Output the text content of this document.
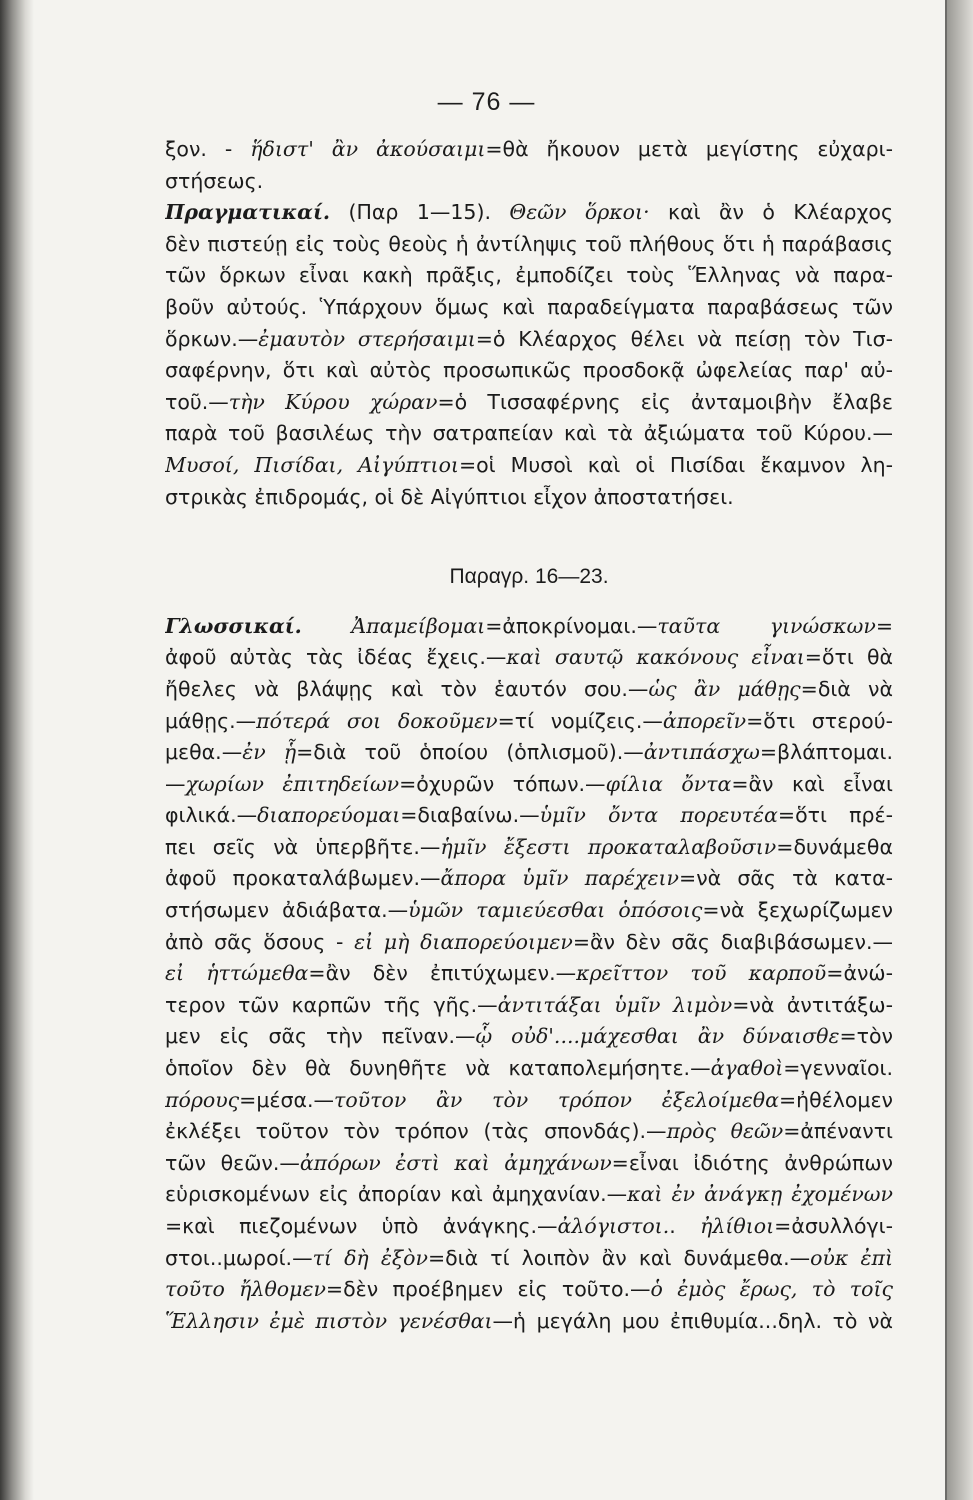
— 76 —
ξον. - ἥδιστ' ἂν ἀκούσαιμι=θὰ ἤκουον μετὰ μεγίστης εὐχαρι-
στήσεως.
Πραγματικαί. (Παρ 1—15). Θεῶν ὅρκοι· καὶ ἂν ὁ Κλέαρχος
δὲν πιστεύῃ εἰς τοὺς θεοὺς ἡ ἀντίληψις τοῦ πλήθους ὅτι ἡ παράβασις
τῶν ὅρκων εἶναι κακὴ πρᾶξις, ἐμποδίζει τοὺς Ἕλληνας νὰ παρα-
βοῦν αὐτούς. Ὑπάρχουν ὅμως καὶ παραδείγματα παραβάσεως τῶν
ὅρκων.—ἐμαυτὸν στερήσαιμι=ὁ Κλέαρχος θέλει νὰ πείσῃ τὸν Τισ-
σαφέρνην, ὅτι καὶ αὐτὸς προσωπικῶς προσδοκᾷ ὠφελείας παρ' αὐ-
τοῦ.—τὴν Κύρου χώραν=ὁ Τισσαφέρνης εἰς ἀνταμοιβὴν ἔλαβε
παρὰ τοῦ βασιλέως τὴν σατραπείαν καὶ τὰ ἀξιώματα τοῦ Κύρου.—
Μυσοί, Πισίδαι, Αἰγύπτιοι=οἱ Μυσοὶ καὶ οἱ Πισίδαι ἔκαμνον λη-
στρικὰς ἐπιδρομάς, οἱ δὲ Αἰγύπτιοι εἶχον ἀποστατήσει.
Παραγρ. 16—23.
Γλωσσικαί. Ἀπαμείβομαι=ἀποκρίνομαι.—ταῦτα γινώσκων=
ἀφοῦ αὐτὰς τὰς ἰδέας ἔχεις.—καὶ σαυτῷ κακόνους εἶναι=ὅτι θὰ
ἤθελες νὰ βλάψῃς καὶ τὸν ἑαυτόν σου.—ὡς ἂν μάθῃς=διὰ νὰ
μάθῃς.—πότερά σοι δοκοῦμεν=τί νομίζεις.—ἀπορεῖν=ὅτι στερού-
μεθα.—ἐν ᾗ=διὰ τοῦ ὁποίου (ὁπλισμοῦ).—ἀντιπάσχω=βλάπτομαι.
—χωρίων ἐπιτηδείων=ὀχυρῶν τόπων.—φίλια ὄντα=ἂν καὶ εἶναι
φιλικά.—διαπορεύομαι=διαβαίνω.—ὑμῖν ὄντα πορευτέα=ὅτι πρέ-
πει σεῖς νὰ ὑπερβῆτε.—ἡμῖν ἔξεστι προκαταλαβοῦσιν=δυνάμεθα
ἀφοῦ προκαταλάβωμεν.—ἄπορα ὑμῖν παρέχειν=νὰ σᾶς τὰ κατα-
στήσωμεν ἀδιάβατα.—ὑμῶν ταμιεύεσθαι ὁπόσοις=νὰ ξεχωρίζωμεν
ἀπὸ σᾶς ὅσους - εἰ μὴ διαπορεύοιμεν=ἂν δὲν σᾶς διαβιβάσωμεν.—
εἰ ἡττώμεθα=ἂν δὲν ἐπιτύχωμεν.—κρεῖττον τοῦ καρποῦ=ἀνώ-
τερον τῶν καρπῶν τῆς γῆς.—ἀντιτάξαι ὑμῖν λιμὸν=νὰ ἀντιτάξω-
μεν εἰς σᾶς τὴν πεῖναν.—ᾧ οὐδ'....μάχεσθαι ἂν δύναισθε=τὸν
ὁποῖον δὲν θὰ δυνηθῆτε νὰ καταπολεμήσητε.—ἀγαθοὶ=γενναῖοι.
πόρους=μέσα.—τοῦτον ἂν τὸν τρόπον ἐξελοίμεθα=ἠθέλομεν
ἐκλέξει τοῦτον τὸν τρόπον (τὰς σπονδάς).—πρὸς θεῶν=ἀπέναντι
τῶν θεῶν.—ἀπόρων ἐστὶ καὶ ἀμηχάνων=εἶναι ἰδιότης ἀνθρώπων
εὑρισκομένων εἰς ἀπορίαν καὶ ἀμηχανίαν.—καὶ ἐν ἀνάγκῃ ἐχομένων
=καὶ πιεζομένων ὑπὸ ἀνάγκης.—ἀλόγιστοι.. ἠλίθιοι=ἀσυλλόγι-
στοι..μωροί.—τί δὴ ἐξὸν=διὰ τί λοιπὸν ἂν καὶ δυνάμεθα.—οὐκ ἐπὶ
τοῦτο ἤλθομεν=δὲν προέβημεν εἰς τοῦτο.—ὁ ἐμὸς ἔρως, τὸ τοῖς
Ἕλλησιν ἐμὲ πιστὸν γενέσθαι—ἡ μεγάλη μου ἐπιθυμία...δηλ. τὸ νὰ
